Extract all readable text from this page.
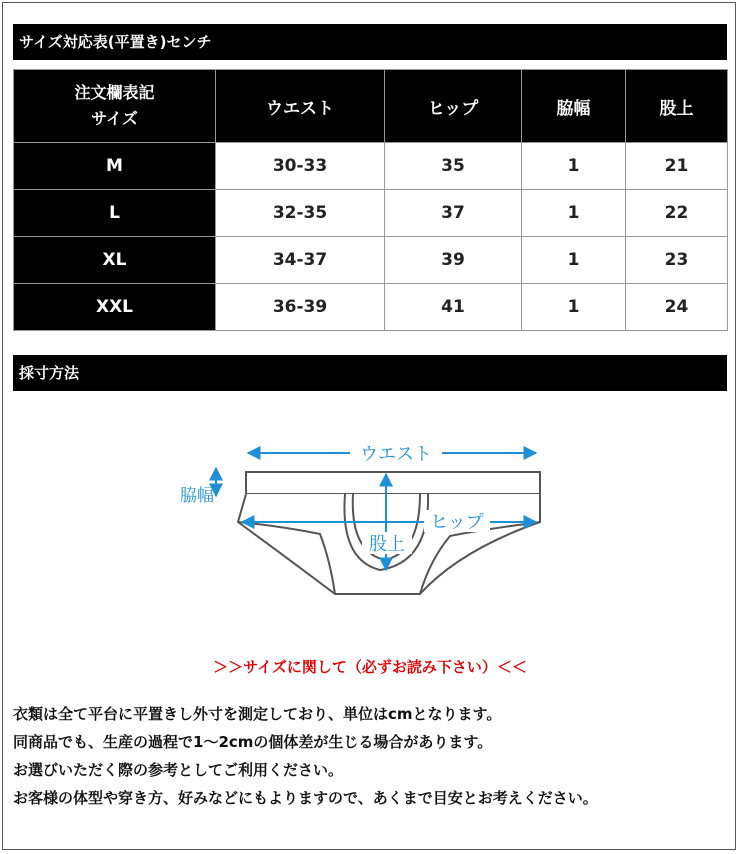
サイズ対応表(平置き)センチ
注文欄表記
サイズ	ウエスト	ヒップ	脇幅	股上
M	30-33	35	1	21
L	32-35	37	1	22
XL	34-37	39	1	23
XXL	36-39	41	1	24
採寸方法
ウエスト
脇幅
ヒップ
股上
＞＞サイズに関して（必ずお読み下さい）＜＜
衣類は全て平台に平置きし外寸を測定しており、単位はcmとなります。
同商品でも、生産の過程で1〜2cmの個体差が生じる場合があります。
お選びいただく際の参考としてご利用ください。
お客様の体型や穿き方、好みなどにもよりますので、あくまで目安とお考えください。
